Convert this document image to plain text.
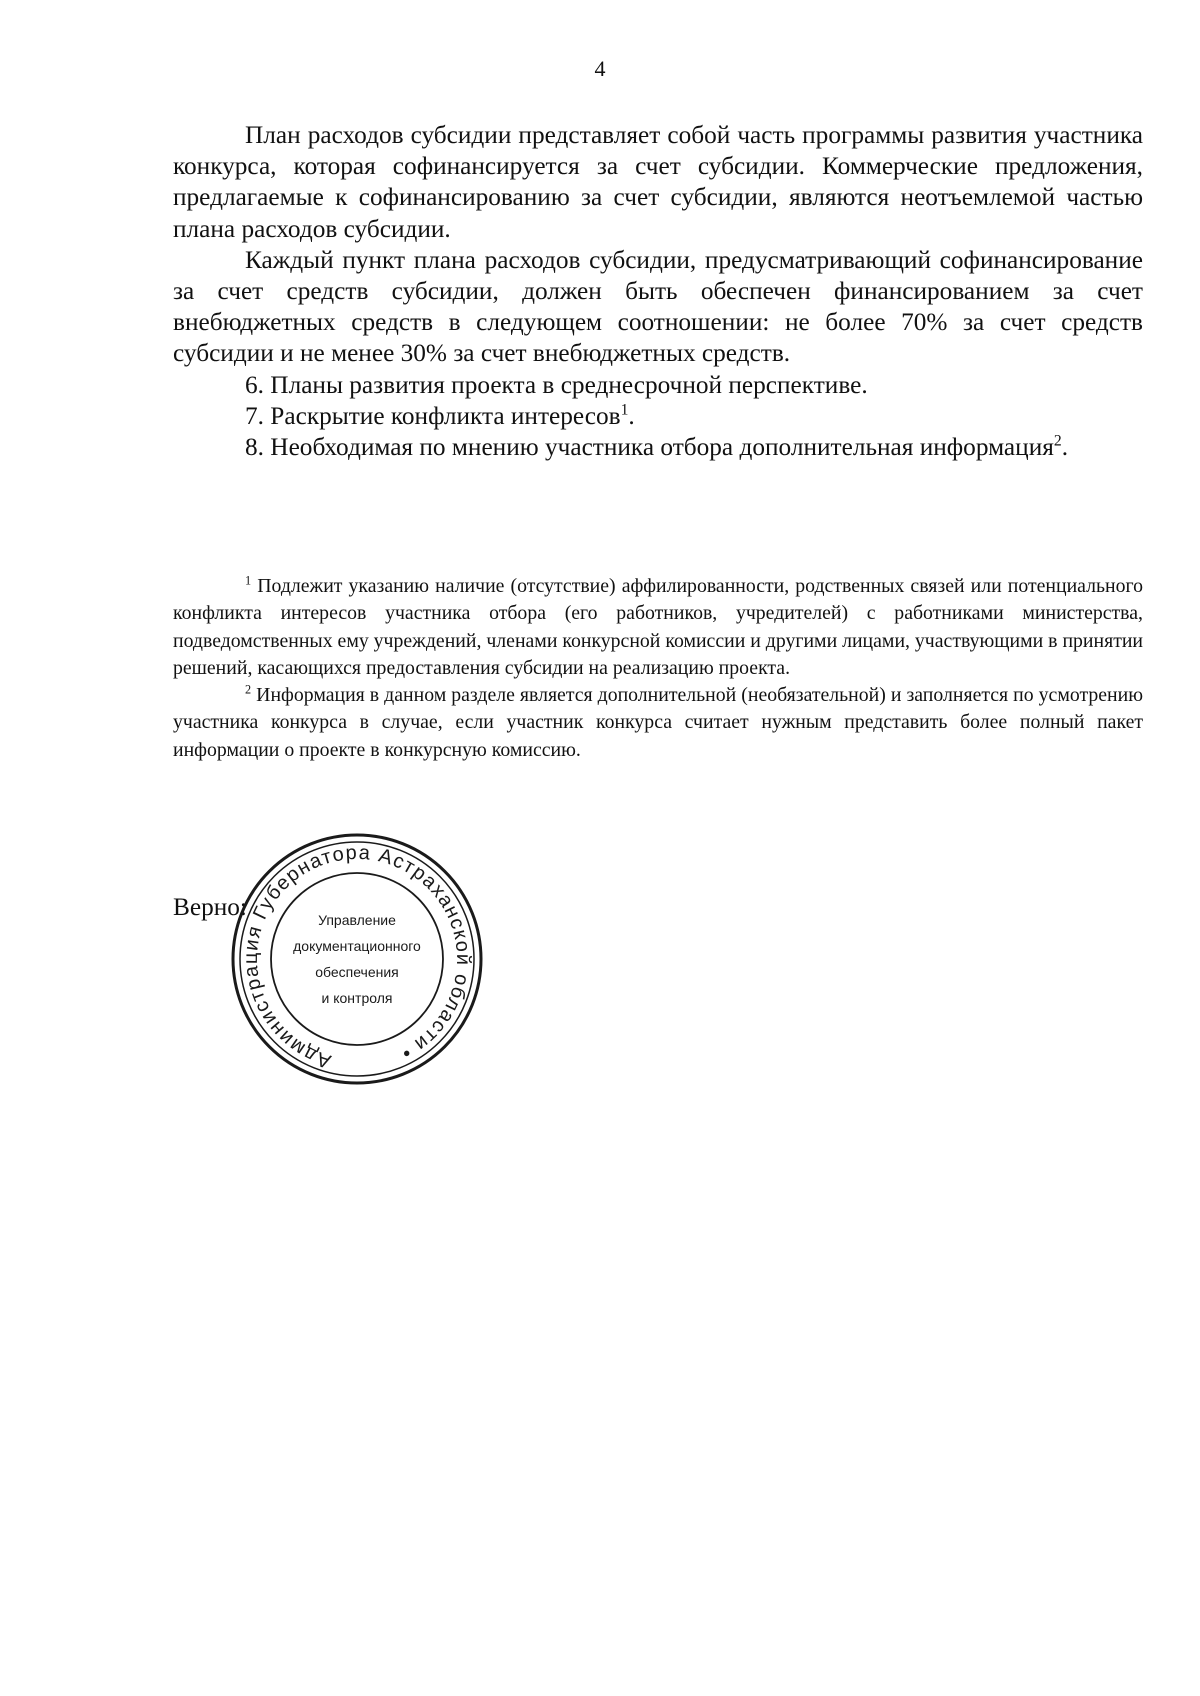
4

План расходов субсидии представляет собой часть программы развития участника конкурса, которая софинансируется за счет субсидии. Коммерческие предложения, предлагаемые к софинансированию за счет субсидии, являются неотъемлемой частью плана расходов субсидии.

Каждый пункт плана расходов субсидии, предусматривающий софинансирование за счет средств субсидии, должен быть обеспечен финансированием за счет внебюджетных средств в следующем соотношении: не более 70% за счет средств субсидии и не менее 30% за счет внебюджетных средств.

6. Планы развития проекта в среднесрочной перспективе.

7. Раскрытие конфликта интересов$^1$.

8. Необходимая по мнению участника отбора дополнительная информация$^2$.

$^1$ Подлежит указанию наличие (отсутствие) аффилированности, родственных связей или потенциального конфликта интересов участника отбора (его работников, учредителей) с работниками министерства, подведомственных ему учреждений, членами конкурсной комиссии и другими лицами, участвующими в принятии решений, касающихся предоставления субсидии на реализацию проекта.

$^2$ Информация в данном разделе является дополнительной (необязательной) и заполняется по усмотрению участника конкурса в случае, если участник конкурса считает нужным представить более полный пакет информации о проекте в конкурсную комиссию.

Верно:
Администрация Губернатора Астраханской области •
Управление
документационного
обеспечения
и контроля
